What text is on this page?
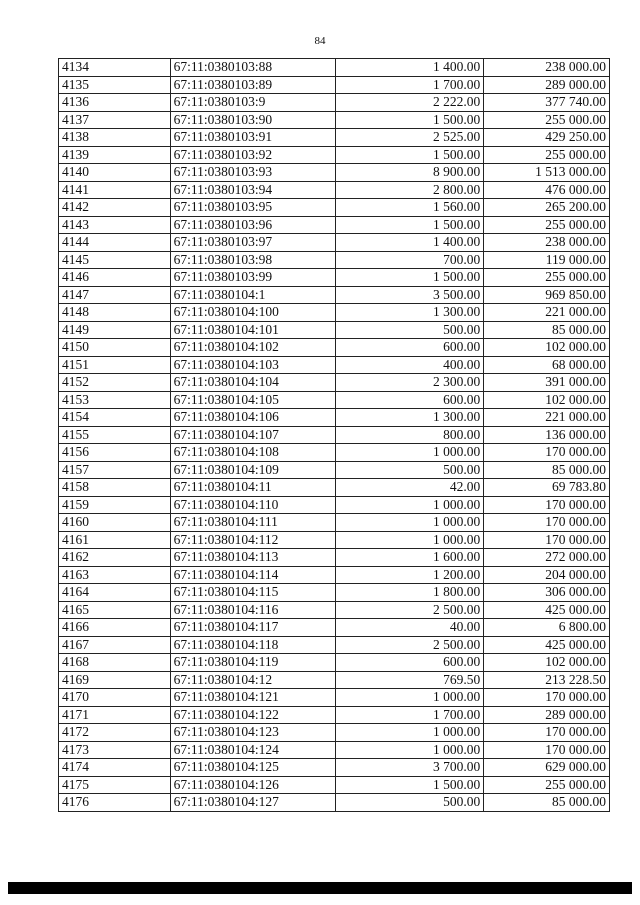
84
4134	67:11:0380103:88	1 400.00	238 000.00
4135	67:11:0380103:89	1 700.00	289 000.00
4136	67:11:0380103:9	2 222.00	377 740.00
4137	67:11:0380103:90	1 500.00	255 000.00
4138	67:11:0380103:91	2 525.00	429 250.00
4139	67:11:0380103:92	1 500.00	255 000.00
4140	67:11:0380103:93	8 900.00	1 513 000.00
4141	67:11:0380103:94	2 800.00	476 000.00
4142	67:11:0380103:95	1 560.00	265 200.00
4143	67:11:0380103:96	1 500.00	255 000.00
4144	67:11:0380103:97	1 400.00	238 000.00
4145	67:11:0380103:98	700.00	119 000.00
4146	67:11:0380103:99	1 500.00	255 000.00
4147	67:11:0380104:1	3 500.00	969 850.00
4148	67:11:0380104:100	1 300.00	221 000.00
4149	67:11:0380104:101	500.00	85 000.00
4150	67:11:0380104:102	600.00	102 000.00
4151	67:11:0380104:103	400.00	68 000.00
4152	67:11:0380104:104	2 300.00	391 000.00
4153	67:11:0380104:105	600.00	102 000.00
4154	67:11:0380104:106	1 300.00	221 000.00
4155	67:11:0380104:107	800.00	136 000.00
4156	67:11:0380104:108	1 000.00	170 000.00
4157	67:11:0380104:109	500.00	85 000.00
4158	67:11:0380104:11	42.00	69 783.80
4159	67:11:0380104:110	1 000.00	170 000.00
4160	67:11:0380104:111	1 000.00	170 000.00
4161	67:11:0380104:112	1 000.00	170 000.00
4162	67:11:0380104:113	1 600.00	272 000.00
4163	67:11:0380104:114	1 200.00	204 000.00
4164	67:11:0380104:115	1 800.00	306 000.00
4165	67:11:0380104:116	2 500.00	425 000.00
4166	67:11:0380104:117	40.00	6 800.00
4167	67:11:0380104:118	2 500.00	425 000.00
4168	67:11:0380104:119	600.00	102 000.00
4169	67:11:0380104:12	769.50	213 228.50
4170	67:11:0380104:121	1 000.00	170 000.00
4171	67:11:0380104:122	1 700.00	289 000.00
4172	67:11:0380104:123	1 000.00	170 000.00
4173	67:11:0380104:124	1 000.00	170 000.00
4174	67:11:0380104:125	3 700.00	629 000.00
4175	67:11:0380104:126	1 500.00	255 000.00
4176	67:11:0380104:127	500.00	85 000.00
